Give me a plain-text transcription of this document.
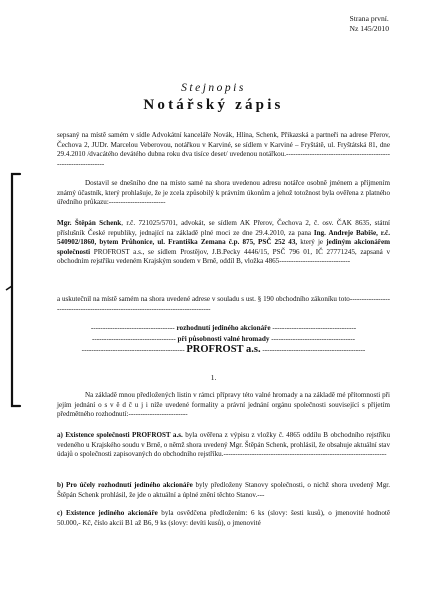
Strana první.
Nz 145/2010
Stejnopis
Notářský zápis
sepsaný na místě samém v sídle Advokátní kanceláře Novák, Hlína, Schenk, Přikazská a partneři na adrese Přerov, Čechova 2, JUDr. Marcelou Veberovou, notářkou v Karviné, se sídlem v Karviné – Fryštátě, ul. Fryštátská 81, dne 29.4.2010 /dvacátého devátého dubna roku dva tisíce deset/ uvedenou notářkou.----------------------------------------------------------------
Dostavil se dnešního dne na místo samé na shora uvedenou adresu notářce osobně jménem a příjmením známý účastník, který prohlašuje, že je zcela způsobilý k právním úkonům a jehož totožnost byla ověřena z platného úředního průkazu:------------------------
Mgr. Štěpán Schenk, r.č. 721025/5701, advokát, se sídlem AK Přerov, Čechova 2, č. osv. ČAK 8635, státní příslušník České republiky, jednající na základě plné moci ze dne 29.4.2010, za pana Ing. Andreje Babiše, r.č. 540902/1860, bytem Průhonice, ul. Františka Zemana č.p. 875, PSČ 252 43, který je jediným akcionářem společnosti PROFROST a.s., se sídlem Prostějov, J.B.Pecky 4446/15, PSČ 796 01, IČ 27771245, zapsaná v obchodním rejstříku vedeném Krajským soudem v Brně, oddíl B, vložka 4865------------------------------
a uskutečnil na místě samém na shora uvedené adrese v souladu s ust. § 190 obchodního zákoníku toto----------------------------------------------------------------------------------
----------------------------------- rozhodnutí jediného akcionáře -----------------------------------
----------------------------------- při působnosti valné hromady -----------------------------------
------------------------------------------- PROFROST a.s. -------------------------------------------
1.
Na základě mnou předložených listin v rámci přípravy této valné hromady a na základě mé přítomnosti při jejím jednání o s v ě d č u j i níže uvedené formality a právní jednání orgánu společnosti související s přijetím předmětného rozhodnutí:-------------------------
a) Existence společnosti PROFROST a.s. byla ověřena z výpisu z vložky č. 4865 oddílu B obchodního rejstříku vedeného u Krajského soudu v Brně, o němž shora uvedený Mgr. Štěpán Schenk, prohlásil, že obsahuje aktuální stav údajů o společnosti zapisovaných do obchodního rejstříku.---------------------------------------------------------------------
b) Pro účely rozhodnutí jediného akcionáře byly předloženy Stanovy společnosti, o nichž shora uvedený Mgr. Štěpán Schenk prohlásil, že jde o aktuální a úplné znění těchto Stanov.---
c) Existence jediného akcionáře byla osvědčena předložením: 6 ks (slovy: šesti kusů), o jmenovité hodnotě 50.000,- Kč, číslo akcií B1 až B6, 9 ks (slovy: devíti kusů), o jmenovité
